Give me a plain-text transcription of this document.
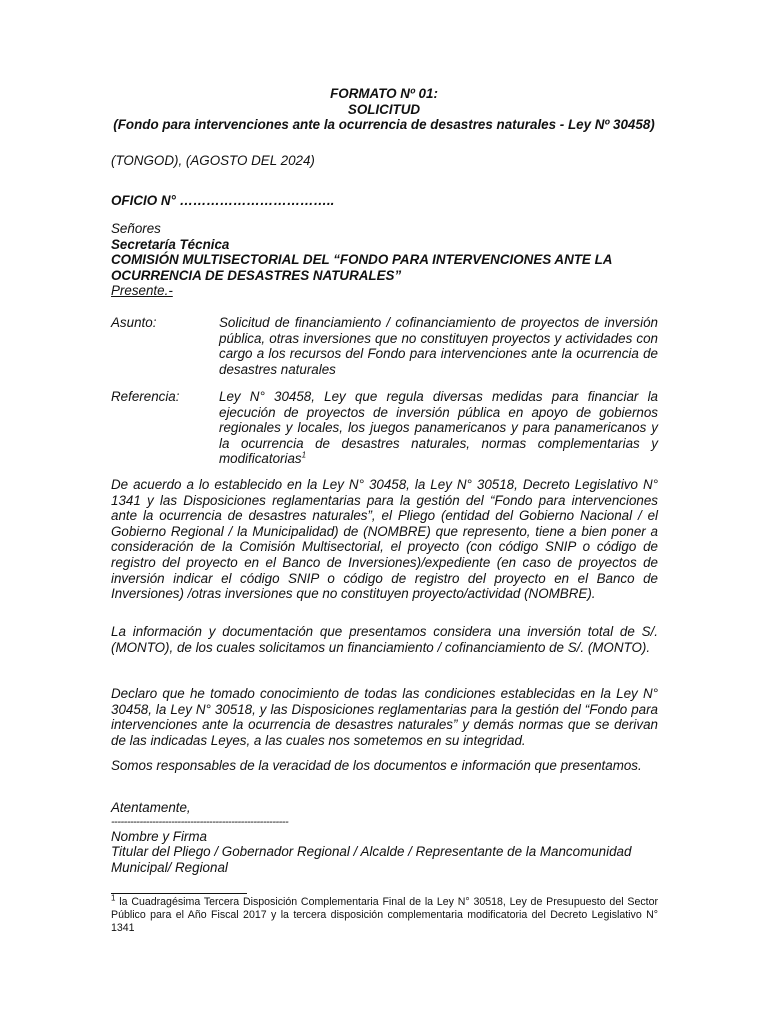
FORMATO Nº 01:
SOLICITUD
(Fondo para intervenciones ante la ocurrencia de desastres naturales - Ley Nº 30458)
(TONGOD), (AGOSTO DEL 2024)
OFICIO N° ……………………………..
Señores
Secretaría Técnica
COMISIÓN MULTISECTORIAL DEL “FONDO PARA INTERVENCIONES ANTE LA
OCURRENCIA DE DESASTRES NATURALES”
Presente.-
Asunto:	Solicitud de financiamiento / cofinanciamiento de proyectos de inversión pública, otras inversiones que no constituyen proyectos y actividades con cargo a los recursos del Fondo para intervenciones ante la ocurrencia de desastres naturales
Referencia:	Ley N° 30458, Ley que regula diversas medidas para financiar la ejecución de proyectos de inversión pública en apoyo de gobiernos regionales y locales, los juegos panamericanos y para panamericanos y la ocurrencia de desastres naturales, normas complementarias y modificatorias$^1$
De acuerdo a lo establecido en la Ley N° 30458, la Ley N° 30518, Decreto Legislativo N° 1341 y las Disposiciones reglamentarias para la gestión del “Fondo para intervenciones ante la ocurrencia de desastres naturales”, el Pliego (entidad del Gobierno Nacional / el Gobierno Regional / la Municipalidad) de (NOMBRE) que represento, tiene a bien poner a consideración de la Comisión Multisectorial, el proyecto (con código SNIP o código de registro del proyecto en el Banco de Inversiones)/expediente (en caso de proyectos de inversión indicar el código SNIP o código de registro del proyecto en el Banco de Inversiones) /otras inversiones que no constituyen proyecto/actividad (NOMBRE).
La información y documentación que presentamos considera una inversión total de S/. (MONTO), de los cuales solicitamos un financiamiento / cofinanciamiento de S/. (MONTO).
Declaro que he tomado conocimiento de todas las condiciones establecidas en la Ley N° 30458, la Ley N° 30518, y las Disposiciones reglamentarias para la gestión del “Fondo para intervenciones ante la ocurrencia de desastres naturales” y demás normas que se derivan de las indicadas Leyes, a las cuales nos sometemos en su integridad.
Somos responsables de la veracidad de los documentos e información que presentamos.
Atentamente,
--------------------------------------------------------
Nombre y Firma
Titular del Pliego / Gobernador Regional / Alcalde / Representante de la Mancomunidad
Municipal/ Regional
$^1$ la Cuadragésima Tercera Disposición Complementaria Final de la Ley N° 30518, Ley de Presupuesto del Sector Público para el Año Fiscal 2017 y la tercera disposición complementaria modificatoria del Decreto Legislativo N° 1341
